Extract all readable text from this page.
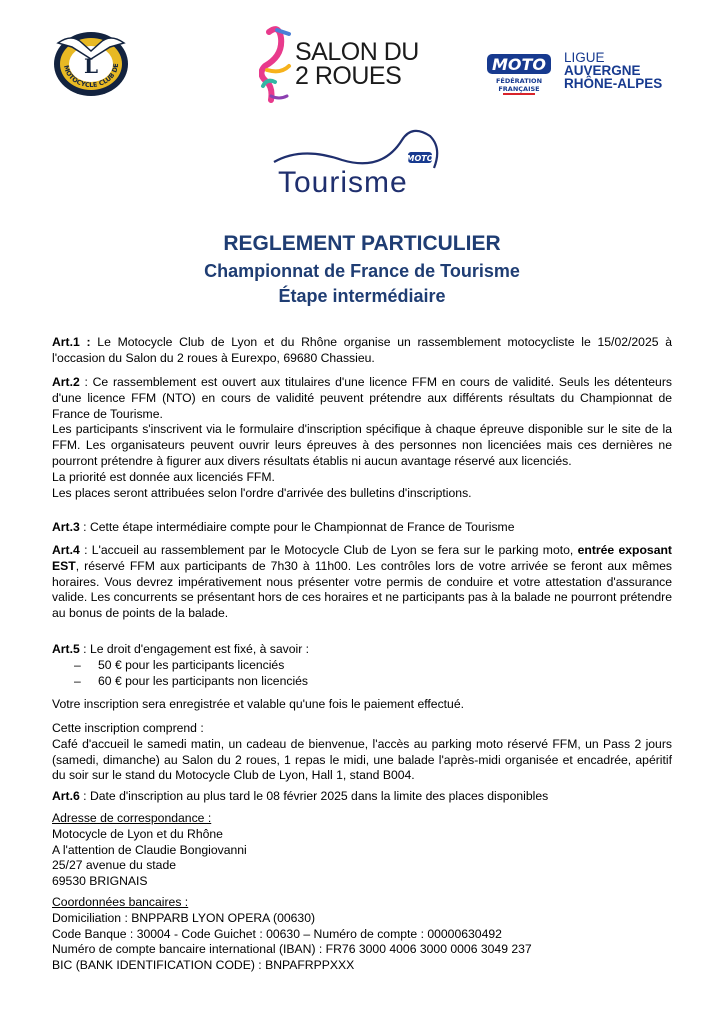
L
MOTOCYCLE CLUB DE	SALON DU
2 ROUES	MOTO
FÉDÉRATION
FRANÇAISE
LIGUE
AUVERGNE
RHÔNE-ALPES
MOTO
Tourisme
REGLEMENT PARTICULIER
Championnat de France de Tourisme
Étape intermédiaire

Art.1 : Le Motocycle Club de Lyon et du Rhône organise un rassemblement motocycliste le 15/02/2025 à l'occasion du Salon du 2 roues à Eurexpo, 69680 Chassieu.

Art.2 : Ce rassemblement est ouvert aux titulaires d'une licence FFM en cours de validité. Seuls les détenteurs d'une licence FFM (NTO) en cours de validité peuvent prétendre aux différents résultats du Championnat de France de Tourisme.

Les participants s'inscrivent via le formulaire d'inscription spécifique à chaque épreuve disponible sur le site de la FFM. Les organisateurs peuvent ouvrir leurs épreuves à des personnes non licenciées mais ces dernières ne pourront prétendre à figurer aux divers résultats établis ni aucun avantage réservé aux licenciés.

La priorité est donnée aux licenciés FFM.

Les places seront attribuées selon l'ordre d'arrivée des bulletins d'inscriptions.

Art.3 : Cette étape intermédiaire compte pour le Championnat de France de Tourisme

Art.4 : L'accueil au rassemblement par le Motocycle Club de Lyon se fera sur le parking moto, entrée exposant EST, réservé FFM aux participants de 7h30 à 11h00. Les contrôles lors de votre arrivée se feront aux mêmes horaires. Vous devrez impérativement nous présenter votre permis de conduire et votre attestation d'assurance valide. Les concurrents se présentant hors de ces horaires et ne participants pas à la balade ne pourront prétendre au bonus de points de la balade.

Art.5 : Le droit d'engagement est fixé, à savoir :

– 50 € pour les participants licenciés

– 60 € pour les participants non licenciés

Votre inscription sera enregistrée et valable qu'une fois le paiement effectué.

Cette inscription comprend :

Café d'accueil le samedi matin, un cadeau de bienvenue, l'accès au parking moto réservé FFM, un Pass 2 jours (samedi, dimanche) au Salon du 2 roues, 1 repas le midi, une balade l'après-midi organisée et encadrée, apéritif du soir sur le stand du Motocycle Club de Lyon, Hall 1, stand B004.

Art.6 : Date d'inscription au plus tard le 08 février 2025 dans la limite des places disponibles

Adresse de correspondance :

Motocycle de Lyon et du Rhône

A l'attention de Claudie Bongiovanni

25/27 avenue du stade

69530 BRIGNAIS

Coordonnées bancaires :

Domiciliation : BNPPARB LYON OPERA (00630)

Code Banque : 30004 - Code Guichet : 00630 – Numéro de compte : 00000630492

Numéro de compte bancaire international (IBAN) : FR76 3000 4006 3000 0006 3049 237

BIC (BANK IDENTIFICATION CODE) : BNPAFRPPXXX
